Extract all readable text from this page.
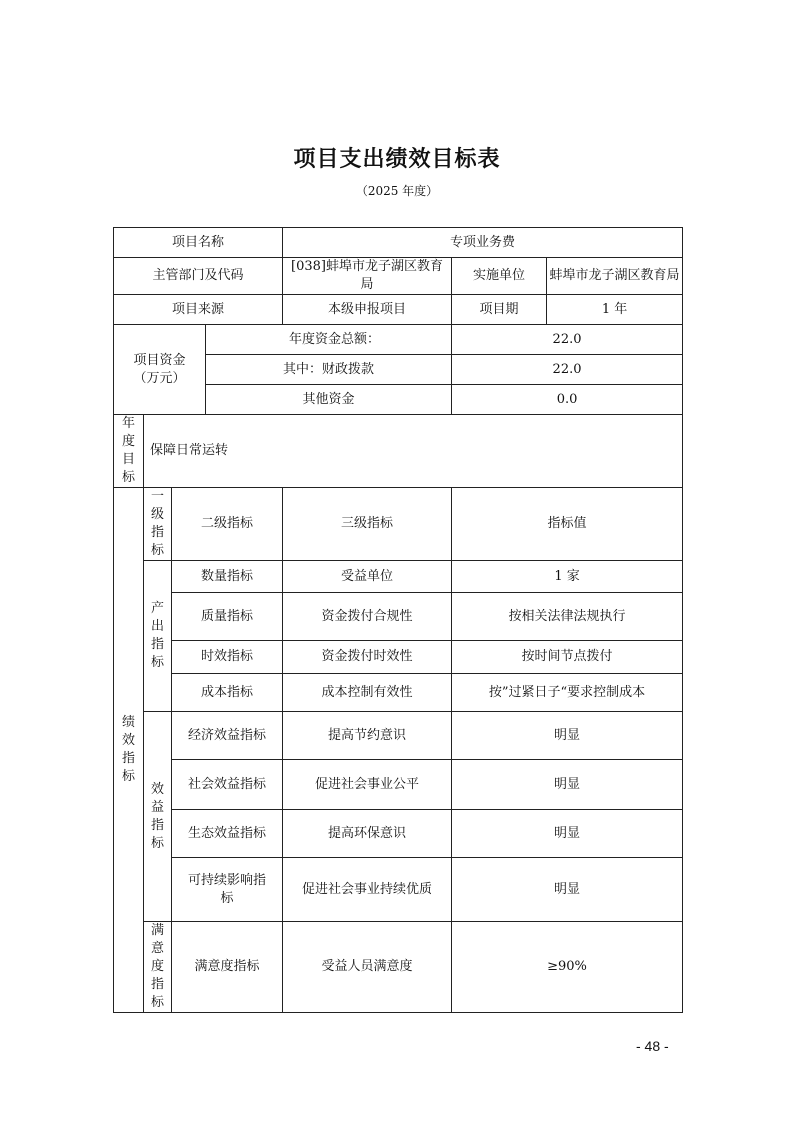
项目支出绩效目标表
（2025 年度）
项目名称				专项业务费		
主管部门及代码				[038]蚌埠市龙子湖区教育局	实施单位	蚌埠市龙子湖区教育局
项目来源				本级申报项目	项目期	1 年
项目资金（万元）			年度资金总额：		22.0	
			其中：财政拨款		22.0	
			其他资金		0.0	
年度目标	保障日常运转					
绩效指标	一级指标	二级指标		三级指标	指标值	
	产出指标	数量指标		受益单位	1 家	
		质量指标		资金拨付合规性	按相关法律法规执行	
		时效指标		资金拨付时效性	按时间节点拨付	
		成本指标		成本控制有效性	按”过紧日子“要求控制成本	
	效益指标	经济效益指标		提高节约意识	明显	
		社会效益指标		促进社会事业公平	明显	
		生态效益指标		提高环保意识	明显	
		可持续影响指标		促进社会事业持续优质	明显	
	满意度指标	满意度指标		受益人员满意度	≥90%	
- 48 -
